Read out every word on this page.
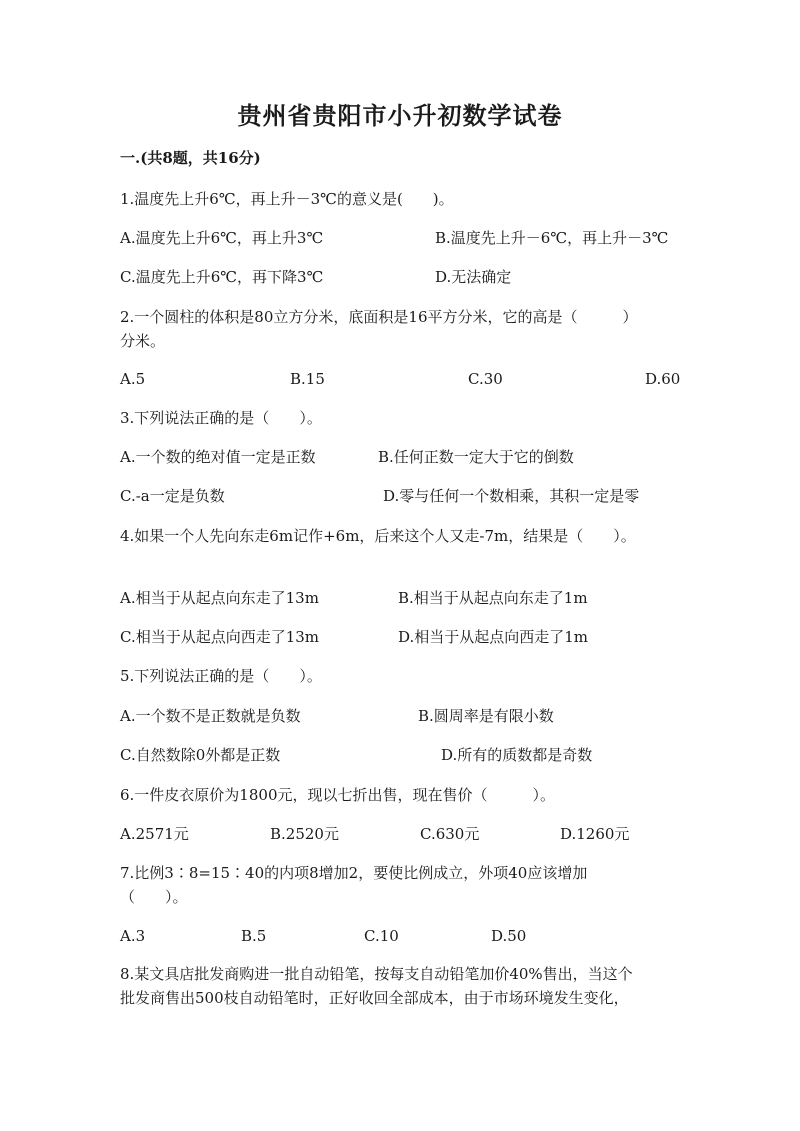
贵州省贵阳市小升初数学试卷
一.(共8题，共16分)
1.温度先上升6℃，再上升－3℃的意义是(　　)。
A.温度先上升6℃，再上升3℃	B.温度先上升－6℃，再上升－3℃
C.温度先上升6℃，再下降3℃	D.无法确定
2.一个圆柱的体积是80立方分米，底面积是16平方分米，它的高是（　　　）
分米。
A.5	B.15	C.30	D.60
3.下列说法正确的是（　　）。
A.一个数的绝对值一定是正数	B.任何正数一定大于它的倒数
C.-a一定是负数	D.零与任何一个数相乘，其积一定是零
4.如果一个人先向东走6m记作+6m，后来这个人又走-7m，结果是（　　）。
A.相当于从起点向东走了13m	B.相当于从起点向东走了1m
C.相当于从起点向西走了13m	D.相当于从起点向西走了1m
5.下列说法正确的是（　　）。
A.一个数不是正数就是负数	B.圆周率是有限小数
C.自然数除0外都是正数	D.所有的质数都是奇数
6.一件皮衣原价为1800元，现以七折出售，现在售价（　　　）。
A.2571元	B.2520元	C.630元	D.1260元
7.比例3∶8=15∶40的内项8增加2，要使比例成立，外项40应该增加
（　　）。
A.3	B.5	C.10	D.50
8.某文具店批发商购进一批自动铅笔，按每支自动铅笔加价40%售出，当这个
批发商售出500枝自动铅笔时，正好收回全部成本，由于市场环境发生变化，
